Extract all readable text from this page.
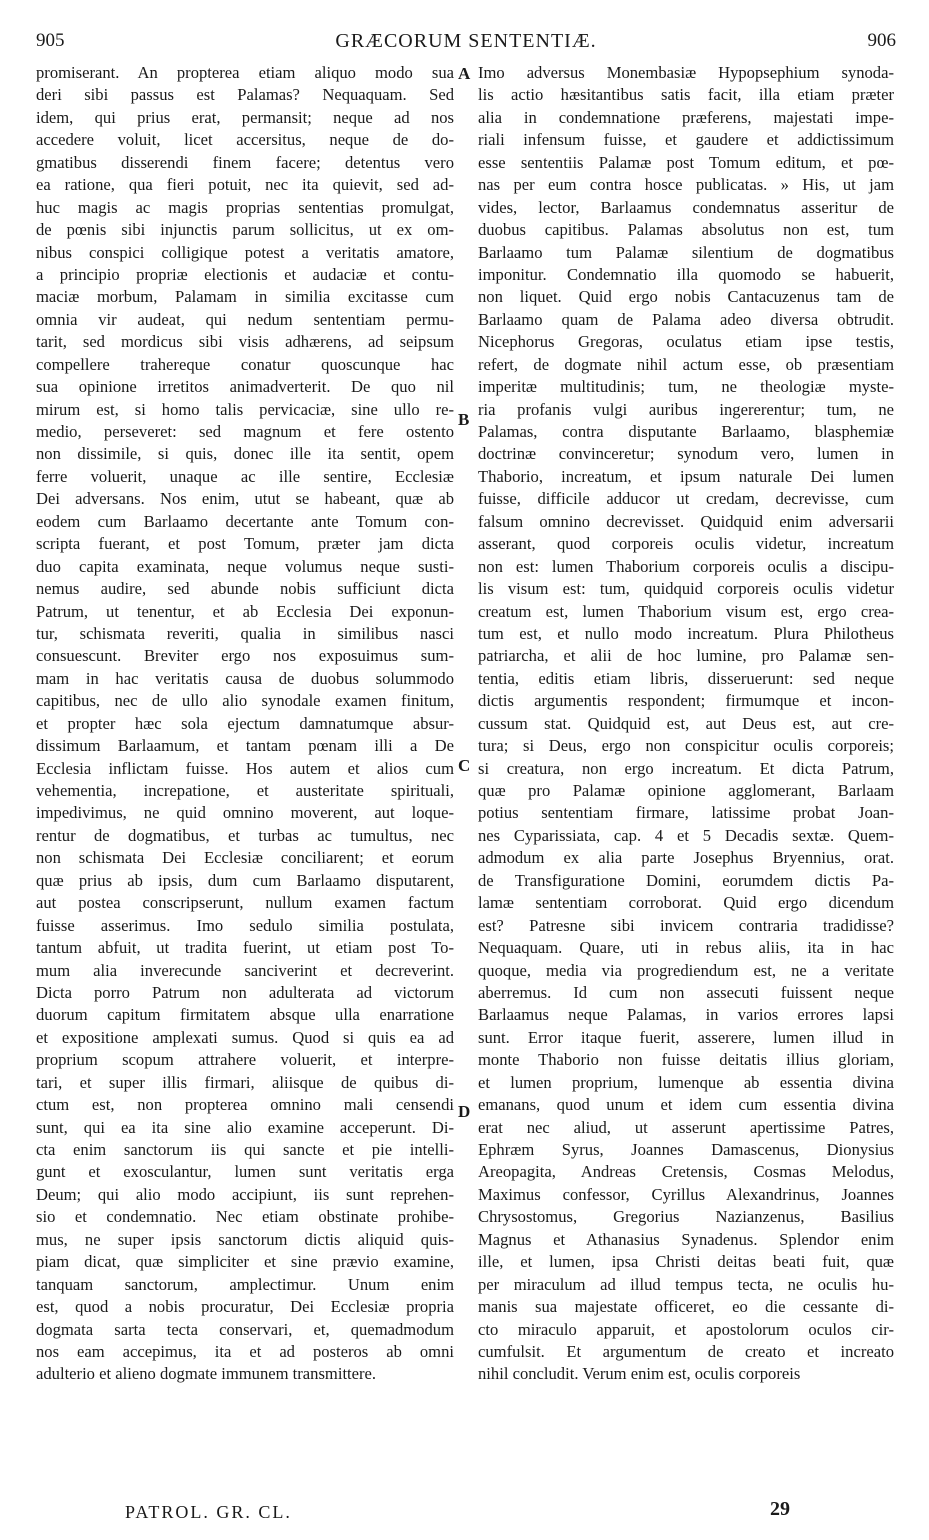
905	GRÆCORUM SENTENTIÆ.	906
promiserant. An propterea etiam aliquo modo sua
deri sibi passus est Palamas? Nequaquam. Sed
idem, qui prius erat, permansit; neque ad nos
accedere voluit, licet accersitus, neque de do-
gmatibus disserendi finem facere; detentus vero
ea ratione, qua fieri potuit, nec ita quievit, sed ad-
huc magis ac magis proprias sententias promulgat,
de pœnis sibi injunctis parum sollicitus, ut ex om-
nibus conspici colligique potest a veritatis amatore,
a principio propriæ electionis et audaciæ et contu-
maciæ morbum, Palamam in similia excitasse cum
omnia vir audeat, qui nedum sententiam permu-
tarit, sed mordicus sibi visis adhærens, ad seipsum
compellere trahereque conatur quoscunque hac
sua opinione irretitos animadverterit. De quo nil
mirum est, si homo talis pervicaciæ, sine ullo re-
medio, perseveret: sed magnum et fere ostento
non dissimile, si quis, donec ille ita sentit, opem
ferre voluerit, unaque ac ille sentire, Ecclesiæ
Dei adversans. Nos enim, utut se habeant, quæ ab
eodem cum Barlaamo decertante ante Tomum con-
scripta fuerant, et post Tomum, præter jam dicta
duo capita examinata, neque volumus neque susti-
nemus audire, sed abunde nobis sufficiunt dicta
Patrum, ut tenentur, et ab Ecclesia Dei exponun-
tur, schismata reveriti, qualia in similibus nasci
consuescunt. Breviter ergo nos exposuimus sum-
mam in hac veritatis causa de duobus solummodo
capitibus, nec de ullo alio synodale examen finitum,
et propter hæc sola ejectum damnatumque absur-
dissimum Barlaamum, et tantam pœnam illi a De
Ecclesia inflictam fuisse. Hos autem et alios cum
vehementia, increpatione, et austeritate spirituali,
impedivimus, ne quid omnino moverent, aut loque-
rentur de dogmatibus, et turbas ac tumultus, nec
non schismata Dei Ecclesiæ conciliarent; et eorum
quæ prius ab ipsis, dum cum Barlaamo disputarent,
aut postea conscripserunt, nullum examen factum
fuisse asserimus. Imo sedulo similia postulata,
tantum abfuit, ut tradita fuerint, ut etiam post To-
mum alia inverecunde sanciverint et decreverint.
Dicta porro Patrum non adulterata ad victorum
duorum capitum firmitatem absque ulla enarratione
et expositione amplexati sumus. Quod si quis ea ad
proprium scopum attrahere voluerit, et interpre-
tari, et super illis firmari, aliisque de quibus di-
ctum est, non propterea omnino mali censendi
sunt, qui ea ita sine alio examine acceperunt. Di-
cta enim sanctorum iis qui sancte et pie intelli-
gunt et exosculantur, lumen sunt veritatis erga
Deum; qui alio modo accipiunt, iis sunt reprehen-
sio et condemnatio. Nec etiam obstinate prohibe-
mus, ne super ipsis sanctorum dictis aliquid quis-
piam dicat, quæ simpliciter et sine prævio examine,
tanquam sanctorum, amplectimur. Unum enim
est, quod a nobis procuratur, Dei Ecclesiæ propria
dogmata sarta tecta conservari, et, quemadmodum
nos eam accepimus, ita et ad posteros ab omni
adulterio et alieno dogmate immunem transmittere.
Imo adversus Monembasiæ Hypopsephium synoda-
lis actio hæsitantibus satis facit, illa etiam præter
alia in condemnatione præferens, majestati impe-
riali infensum fuisse, et gaudere et addictissimum
esse sententiis Palamæ post Tomum editum, et pœ-
nas per eum contra hosce publicatas. » His, ut jam
vides, lector, Barlaamus condemnatus asseritur de
duobus capitibus. Palamas absolutus non est, tum
Barlaamo tum Palamæ silentium de dogmatibus
imponitur. Condemnatio illa quomodo se habuerit,
non liquet. Quid ergo nobis Cantacuzenus tam de
Barlaamo quam de Palama adeo diversa obtrudit.
Nicephorus Gregoras, oculatus etiam ipse testis,
refert, de dogmate nihil actum esse, ob præsentiam
imperitæ multitudinis; tum, ne theologiæ myste-
ria profanis vulgi auribus ingererentur; tum, ne
Palamas, contra disputante Barlaamo, blasphemiæ
doctrinæ convinceretur; synodum vero, lumen in
Thaborio, increatum, et ipsum naturale Dei lumen
fuisse, difficile adducor ut credam, decrevisse, cum
falsum omnino decrevisset. Quidquid enim adversarii
asserant, quod corporeis oculis videtur, increatum
non est: lumen Thaborium corporeis oculis a discipu-
lis visum est: tum, quidquid corporeis oculis videtur
creatum est, lumen Thaborium visum est, ergo crea-
tum est, et nullo modo increatum. Plura Philotheus
patriarcha, et alii de hoc lumine, pro Palamæ sen-
tentia, editis etiam libris, disseruerunt: sed neque
dictis argumentis respondent; firmumque et incon-
cussum stat. Quidquid est, aut Deus est, aut cre-
tura; si Deus, ergo non conspicitur oculis corporeis;
si creatura, non ergo increatum. Et dicta Patrum,
quæ pro Palamæ opinione agglomerant, Barlaam
potius sententiam firmare, latissime probat Joan-
nes Cyparissiata, cap. 4 et 5 Decadis sextæ. Quem-
admodum ex alia parte Josephus Bryennius, orat.
de Transfiguratione Domini, eorumdem dictis Pa-
lamæ sententiam corroborat. Quid ergo dicendum
est? Patresne sibi invicem contraria tradidisse?
Nequaquam. Quare, uti in rebus aliis, ita in hac
quoque, media via progrediendum est, ne a veritate
aberremus. Id cum non assecuti fuissent neque
Barlaamus neque Palamas, in varios errores lapsi
sunt. Error itaque fuerit, asserere, lumen illud in
monte Thaborio non fuisse deitatis illius gloriam,
et lumen proprium, lumenque ab essentia divina
emanans, quod unum et idem cum essentia divina
erat nec aliud, ut asserunt apertissime Patres,
Ephræm Syrus, Joannes Damascenus, Dionysius
Areopagita, Andreas Cretensis, Cosmas Melodus,
Maximus confessor, Cyrillus Alexandrinus, Joannes
Chrysostomus, Gregorius Nazianzenus, Basilius
Magnus et Athanasius Synadenus. Splendor enim
ille, et lumen, ipsa Christi deitas beati fuit, quæ
per miraculum ad illud tempus tecta, ne oculis hu-
manis sua majestate officeret, eo die cessante di-
cto miraculo apparuit, et apostolorum oculos cir-
cumfulsit. Et argumentum de creato et increato
nihil concludit. Verum enim est, oculis corporeis
A
B
C
D
PATROL. GR. CL.	29
